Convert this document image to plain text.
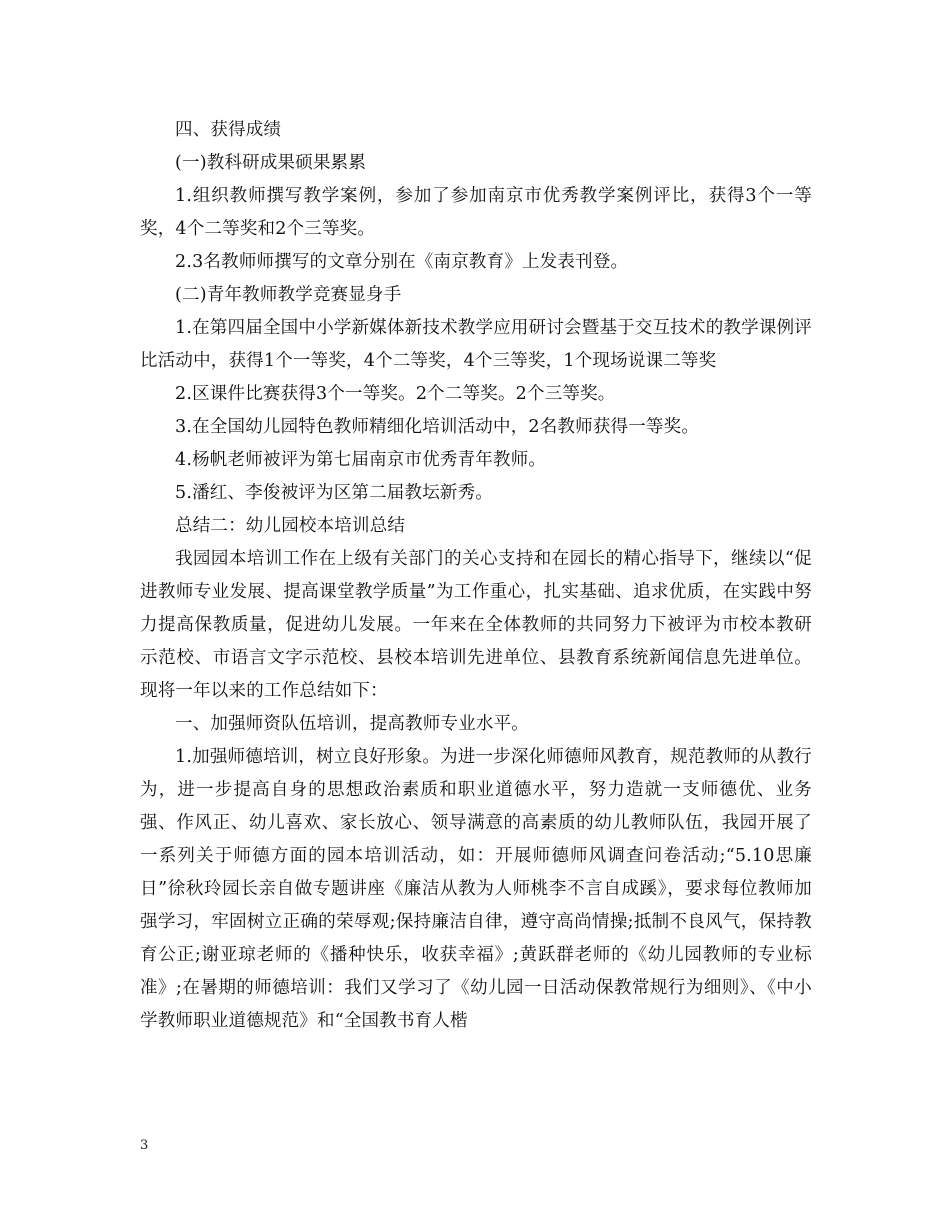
四、获得成绩

(一)教科研成果硕果累累

1.组织教师撰写教学案例，参加了参加南京市优秀教学案例评比，获得3个一等奖，4个二等奖和2个三等奖。

2.3名教师师撰写的文章分别在《南京教育》上发表刊登。

(二)青年教师教学竞赛显身手

1.在第四届全国中小学新媒体新技术教学应用研讨会暨基于交互技术的教学课例评比活动中，获得1个一等奖，4个二等奖，4个三等奖，1个现场说课二等奖

2.区课件比赛获得3个一等奖。2个二等奖。2个三等奖。

3.在全国幼儿园特色教师精细化培训活动中，2名教师获得一等奖。

4.杨帆老师被评为第七届南京市优秀青年教师。

5.潘红、李俊被评为区第二届教坛新秀。

总结二：幼儿园校本培训总结

我园园本培训工作在上级有关部门的关心支持和在园长的精心指导下，继续以“促进教师专业发展、提高课堂教学质量”为工作重心，扎实基础、追求优质，在实践中努力提高保教质量，促进幼儿发展。一年来在全体教师的共同努力下被评为市校本教研示范校、市语言文字示范校、县校本培训先进单位、县教育系统新闻信息先进单位。现将一年以来的工作总结如下：

一、加强师资队伍培训，提高教师专业水平。

1.加强师德培训，树立良好形象。为进一步深化师德师风教育，规范教师的从教行为，进一步提高自身的思想政治素质和职业道德水平，努力造就一支师德优、业务强、作风正、幼儿喜欢、家长放心、领导满意的高素质的幼儿教师队伍，我园开展了一系列关于师德方面的园本培训活动，如：开展师德师风调查问卷活动;“5.10思廉日”徐秋玲园长亲自做专题讲座《廉洁从教为人师桃李不言自成蹊》，要求每位教师加强学习，牢固树立正确的荣辱观;保持廉洁自律，遵守高尚情操;抵制不良风气，保持教育公正;谢亚琼老师的《播种快乐，收获幸福》;黄跃群老师的《幼儿园教师的专业标准》;在暑期的师德培训：我们又学习了《幼儿园一日活动保教常规行为细则》、《中小学教师职业道德规范》和“全国教书育人楷

3
